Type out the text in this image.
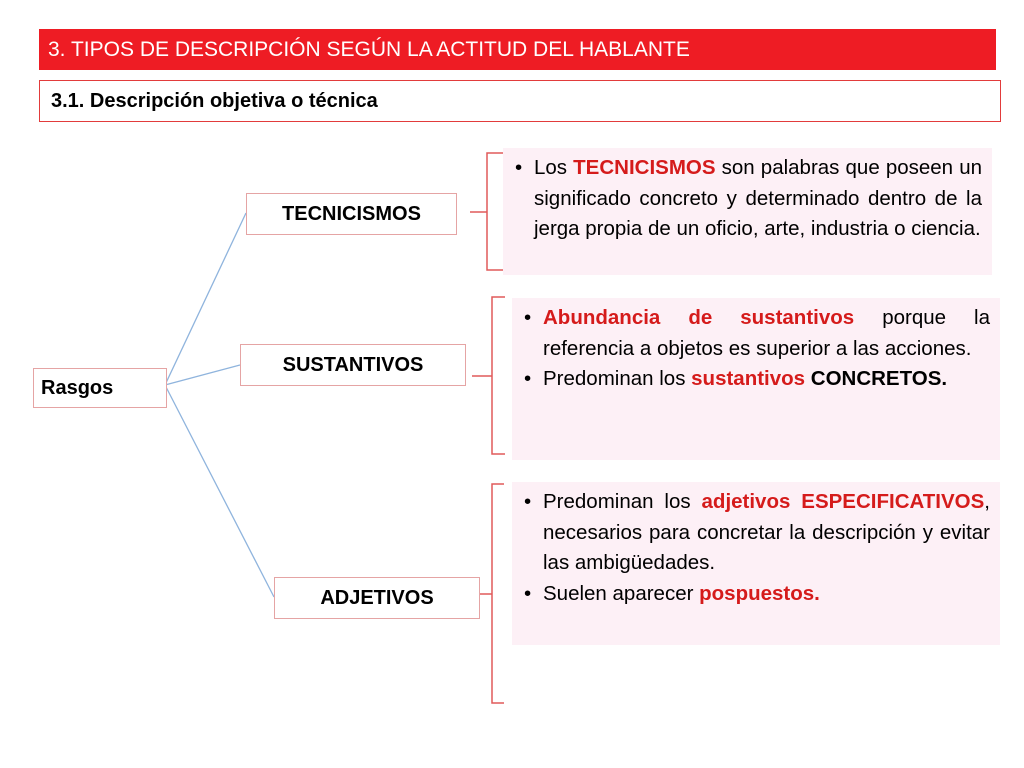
3. TIPOS DE DESCRIPCIÓN SEGÚN LA ACTITUD DEL HABLANTE
3.1. Descripción objetiva o técnica
Rasgos
TECNICISMOS
SUSTANTIVOS
ADJETIVOS
• Los TECNICISMOS son palabras que poseen un significado concreto y determinado dentro de la jerga propia de un oficio, arte, industria o ciencia.
• Abundancia de sustantivos porque la referencia a objetos es superior a las acciones.
• Predominan los sustantivos CONCRETOS.
• Predominan los adjetivos ESPECIFICATIVOS, necesarios para concretar la descripción y evitar las ambigüedades.
• Suelen aparecer pospuestos.
